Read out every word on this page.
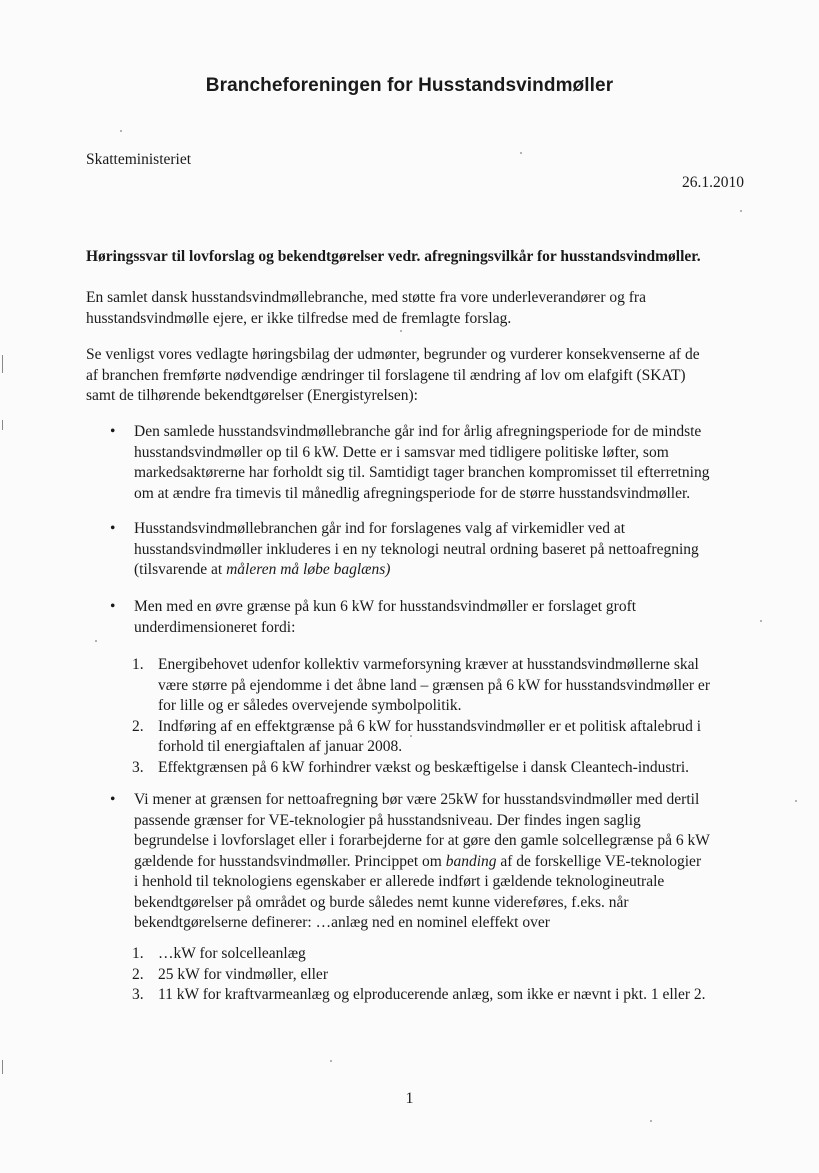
Brancheforeningen for Husstandsvindmøller
Skatteministeriet
26.1.2010
Høringssvar til lovforslag og bekendtgørelser vedr. afregningsvilkår for husstandsvindmøller.

En samlet dansk husstandsvindmøllebranche, med støtte fra vore underleverandører og fra

husstandsvindmølle ejere, er ikke tilfredse med de fremlagte forslag.

Se venligst vores vedlagte høringsbilag der udmønter, begrunder og vurderer konsekvenserne af de

af branchen fremførte nødvendige ændringer til forslagene til ændring af lov om elafgift (SKAT)

samt de tilhørende bekendtgørelser (Energistyrelsen):

• Den samlede husstandsvindmøllebranche går ind for årlig afregningsperiode for de mindste

husstandsvindmøller op til 6 kW. Dette er i samsvar med tidligere politiske løfter, som

markedsaktørerne har forholdt sig til. Samtidigt tager branchen kompromisset til efterretning

om at ændre fra timevis til månedlig afregningsperiode for de større husstandsvindmøller.

• Husstandsvindmøllebranchen går ind for forslagenes valg af virkemidler ved at

husstandsvindmøller inkluderes i en ny teknologi neutral ordning baseret på nettoafregning

(tilsvarende at måleren må løbe baglæns)

• Men med en øvre grænse på kun 6 kW for husstandsvindmøller er forslaget groft

underdimensioneret fordi:

1. Energibehovet udenfor kollektiv varmeforsyning kræver at husstandsvindmøllerne skal
være større på ejendomme i det åbne land – grænsen på 6 kW for husstandsvindmøller er
for lille og er således overvejende symbolpolitik.
2. Indføring af en effektgrænse på 6 kW for husstandsvindmøller er et politisk aftalebrud i
forhold til energiaftalen af januar 2008.
3. Effektgrænsen på 6 kW forhindrer vækst og beskæftigelse i dansk Cleantech-industri.
• Vi mener at grænsen for nettoafregning bør være 25kW for husstandsvindmøller med dertil

passende grænser for VE-teknologier på husstandsniveau. Der findes ingen saglig

begrundelse i lovforslaget eller i forarbejderne for at gøre den gamle solcellegrænse på 6 kW

gældende for husstandsvindmøller. Princippet om banding af de forskellige VE-teknologier

i henhold til teknologiens egenskaber er allerede indført i gældende teknologineutrale

bekendtgørelser på området og burde således nemt kunne videreføres, f.eks. når

bekendtgørelserne definerer: …anlæg ned en nominel eleffekt over

1. …kW for solcelleanlæg
2. 25 kW for vindmøller, eller
3. 11 kW for kraftvarmeanlæg og elproducerende anlæg, som ikke er nævnt i pkt. 1 eller 2.
1
